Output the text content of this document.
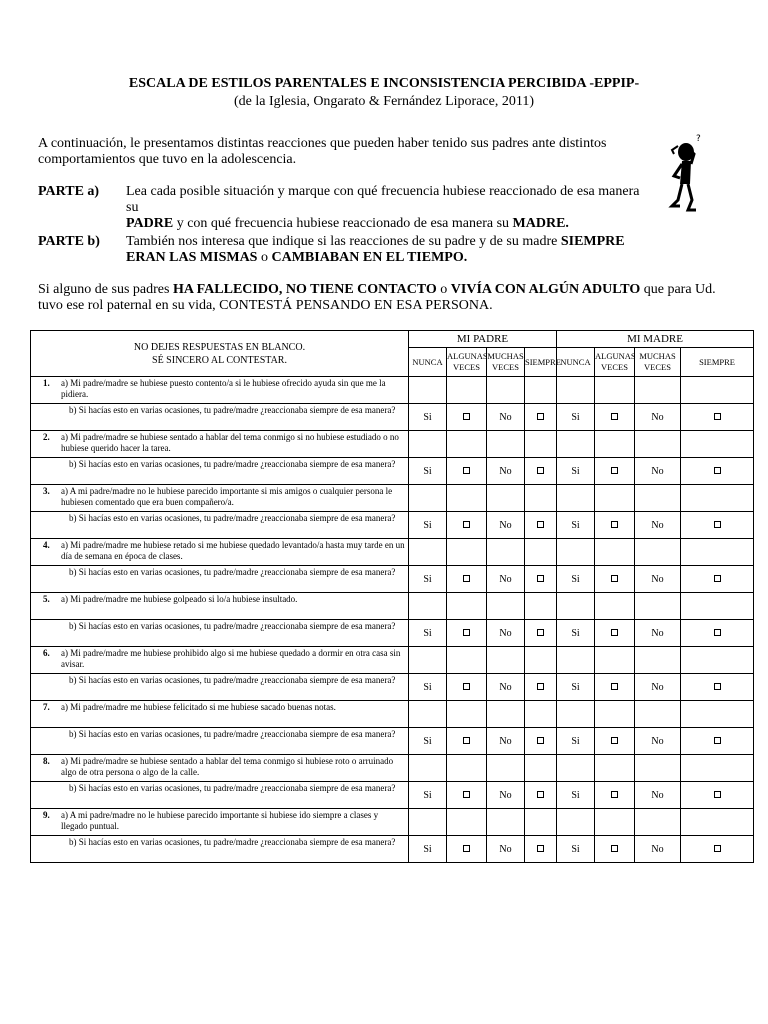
ESCALA DE ESTILOS PARENTALES E INCONSISTENCIA PERCIBIDA -EPPIP-
(de la Iglesia, Ongarato & Fernández Liporace, 2011)
A continuación, le presentamos distintas reacciones que pueden haber tenido sus padres ante distintos comportamientos que tuvo en la adolescencia.
?
PARTE a) Lea cada posible situación y marque con qué frecuencia hubiese reaccionado de esa manera su
PADRE y con qué frecuencia hubiese reaccionado de esa manera su MADRE.
PARTE b) También nos interesa que indique si las reacciones de su padre y de su madre SIEMPRE ERAN LAS MISMAS o CAMBIABAN EN EL TIEMPO.
Si alguno de sus padres HA FALLECIDO, NO TIENE CONTACTO o VIVÍA CON ALGÚN ADULTO que para Ud. tuvo ese rol paternal en su vida, CONTESTÁ PENSANDO EN ESA PERSONA.
NO DEJES RESPUESTAS EN BLANCO.
SÉ SINCERO AL CONTESTAR.	MI PADRE				MI MADRE			
	NUNCA	ALGUNAS VECES	MUCHAS VECES	SIEMPRE	NUNCA	ALGUNAS VECES	MUCHAS VECES	SIEMPRE

1. a) Mi padre/madre se hubiese puesto contento/a si le hubiese ofrecido ayuda sin que me la pidiera.								

b) Si hacías esto en varias ocasiones, tu padre/madre ¿reaccionaba siempre de esa manera?	Si		No		Si		No	

2. a) Mi padre/madre se hubiese sentado a hablar del tema conmigo si no hubiese estudiado o no hubiese querido hacer la tarea.								

b) Si hacías esto en varias ocasiones, tu padre/madre ¿reaccionaba siempre de esa manera?	Si		No		Si		No	

3. a) A mi padre/madre no le hubiese parecido importante si mis amigos o cualquier persona le hubiesen comentado que era buen compañero/a.								

b) Si hacías esto en varias ocasiones, tu padre/madre ¿reaccionaba siempre de esa manera?	Si		No		Si		No	

4. a) Mi padre/madre me hubiese retado si me hubiese quedado levantado/a hasta muy tarde en un día de semana en época de clases.								

b) Si hacías esto en varias ocasiones, tu padre/madre ¿reaccionaba siempre de esa manera?	Si		No		Si		No	

5. a) Mi padre/madre me hubiese golpeado si lo/a hubiese insultado.								

b) Si hacías esto en varias ocasiones, tu padre/madre ¿reaccionaba siempre de esa manera?	Si		No		Si		No	

6. a) Mi padre/madre me hubiese prohibido algo si me hubiese quedado a dormir en otra casa sin avisar.								

b) Si hacías esto en varias ocasiones, tu padre/madre ¿reaccionaba siempre de esa manera?	Si		No		Si		No	

7. a) Mi padre/madre me hubiese felicitado si me hubiese sacado buenas notas.								

b) Si hacías esto en varias ocasiones, tu padre/madre ¿reaccionaba siempre de esa manera?	Si		No		Si		No	

8. a) Mi padre/madre se hubiese sentado a hablar del tema conmigo si hubiese roto o arruinado algo de otra persona o algo de la calle.								

b) Si hacías esto en varias ocasiones, tu padre/madre ¿reaccionaba siempre de esa manera?	Si		No		Si		No	

9. a) A mi padre/madre no le hubiese parecido importante si hubiese ido siempre a clases y llegado puntual.								

b) Si hacías esto en varias ocasiones, tu padre/madre ¿reaccionaba siempre de esa manera?	Si		No		Si		No	
